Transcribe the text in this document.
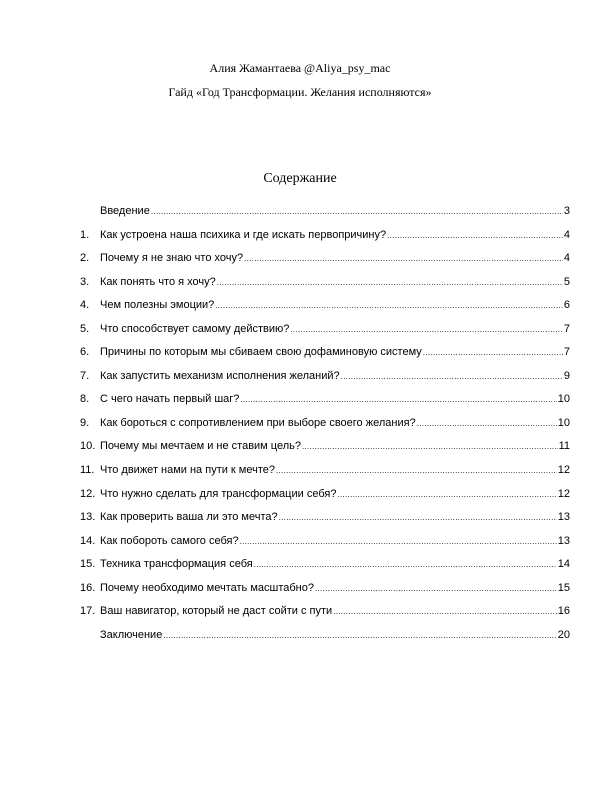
Алия Жамантаева @Aliya_psy_mac
Гайд «Год Трансформации. Желания исполняются»
Содержание
Введение .....	3
1. Как устроена наша психика и где искать первопричину? .....	4
2. Почему я не знаю что хочу? .....	4
3. Как понять что я хочу? .....	5
4. Чем полезны эмоции? .....	6
5. Что способствует самому действию? .....	7
6. Причины по которым мы сбиваем свою дофаминовую систему .....	7
7. Как запустить механизм исполнения желаний? .....	9
8. С чего начать первый шаг? .....	10
9. Как бороться с сопротивлением при выборе своего желания? .....	10
10. Почему мы мечтаем и не ставим цель? .....	11
11. Что движет нами на пути к мечте? .....	12
12. Что нужно сделать для трансформации себя? .....	12
13. Как проверить ваша ли это мечта? .....	13
14. Как побороть самого себя? .....	13
15. Техника трансформация себя .....	14
16. Почему необходимо мечтать масштабно? .....	15
17. Ваш навигатор, который не даст сойти с пути .....	16
Заключение .....	20
